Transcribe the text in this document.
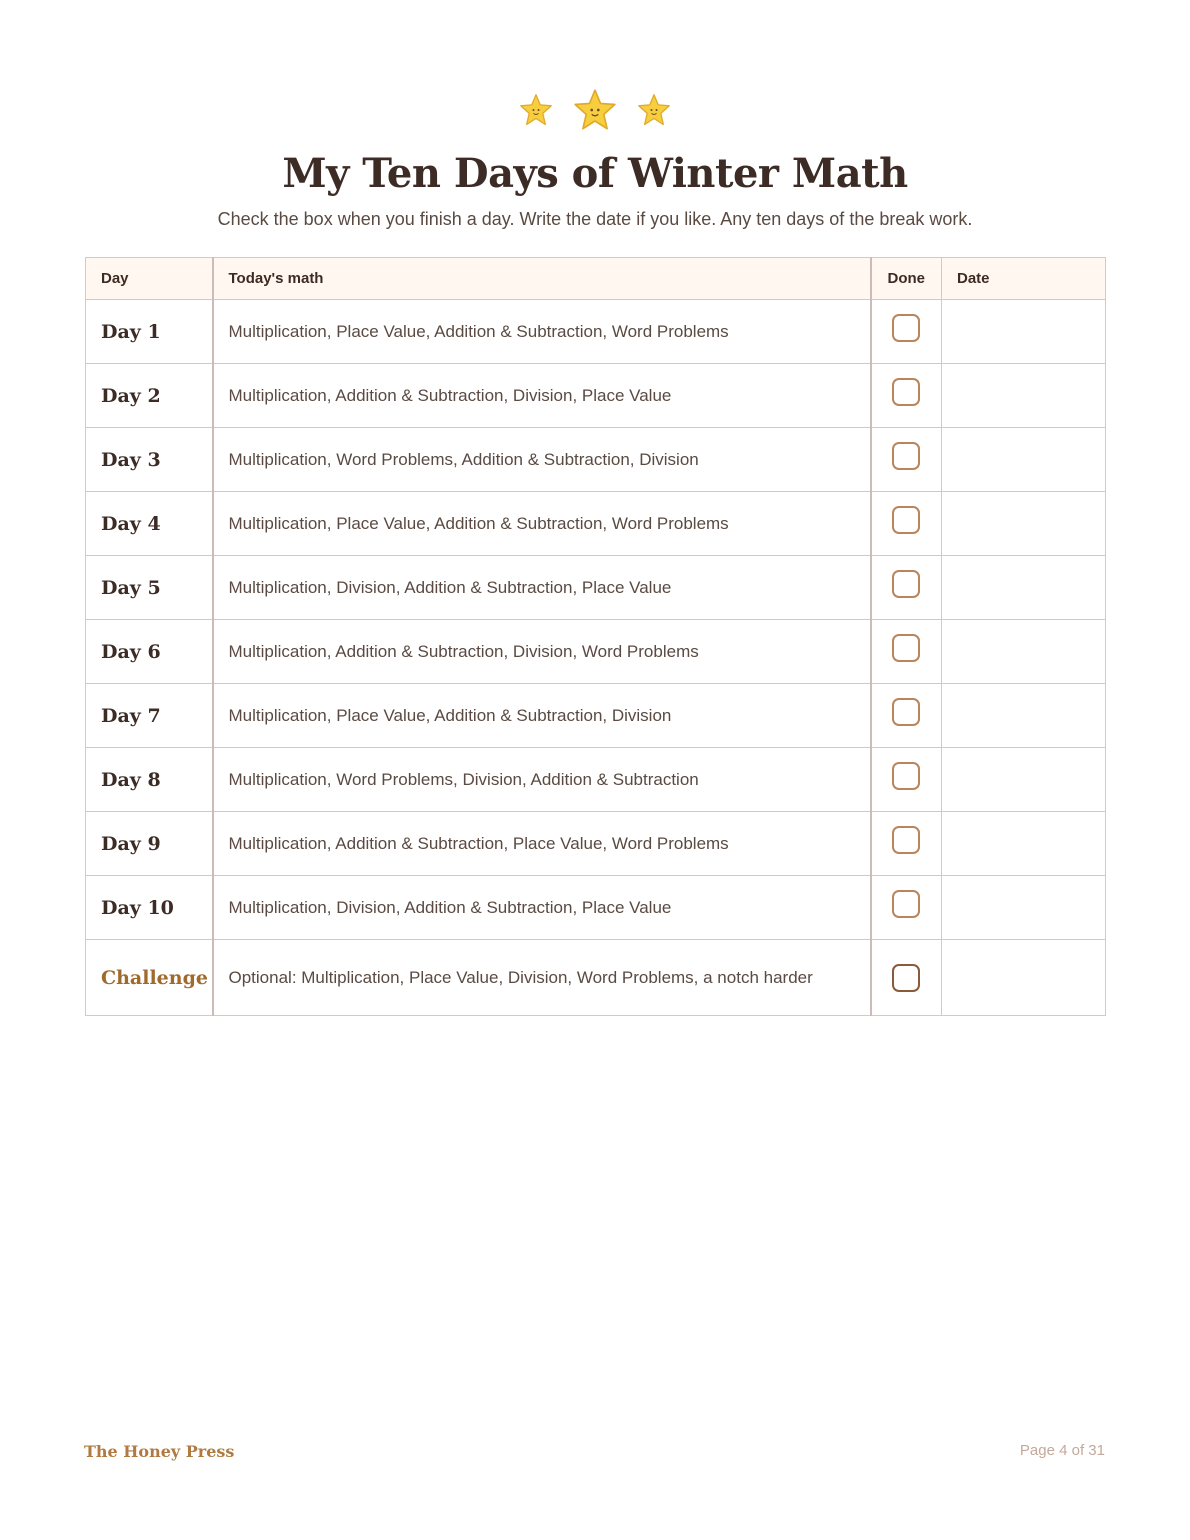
My Ten Days of Winter Math
Check the box when you finish a day. Write the date if you like. Any ten days of the break work.
Day	Today's math	Done	Date
Day 1	Multiplication, Place Value, Addition & Subtraction, Word Problems		
Day 2	Multiplication, Addition & Subtraction, Division, Place Value		
Day 3	Multiplication, Word Problems, Addition & Subtraction, Division		
Day 4	Multiplication, Place Value, Addition & Subtraction, Word Problems		
Day 5	Multiplication, Division, Addition & Subtraction, Place Value		
Day 6	Multiplication, Addition & Subtraction, Division, Word Problems		
Day 7	Multiplication, Place Value, Addition & Subtraction, Division		
Day 8	Multiplication, Word Problems, Division, Addition & Subtraction		
Day 9	Multiplication, Addition & Subtraction, Place Value, Word Problems		
Day 10	Multiplication, Division, Addition & Subtraction, Place Value		
Challenge	Optional: Multiplication, Place Value, Division, Word Problems, a notch harder		
The Honey Press	Page 4 of 31
